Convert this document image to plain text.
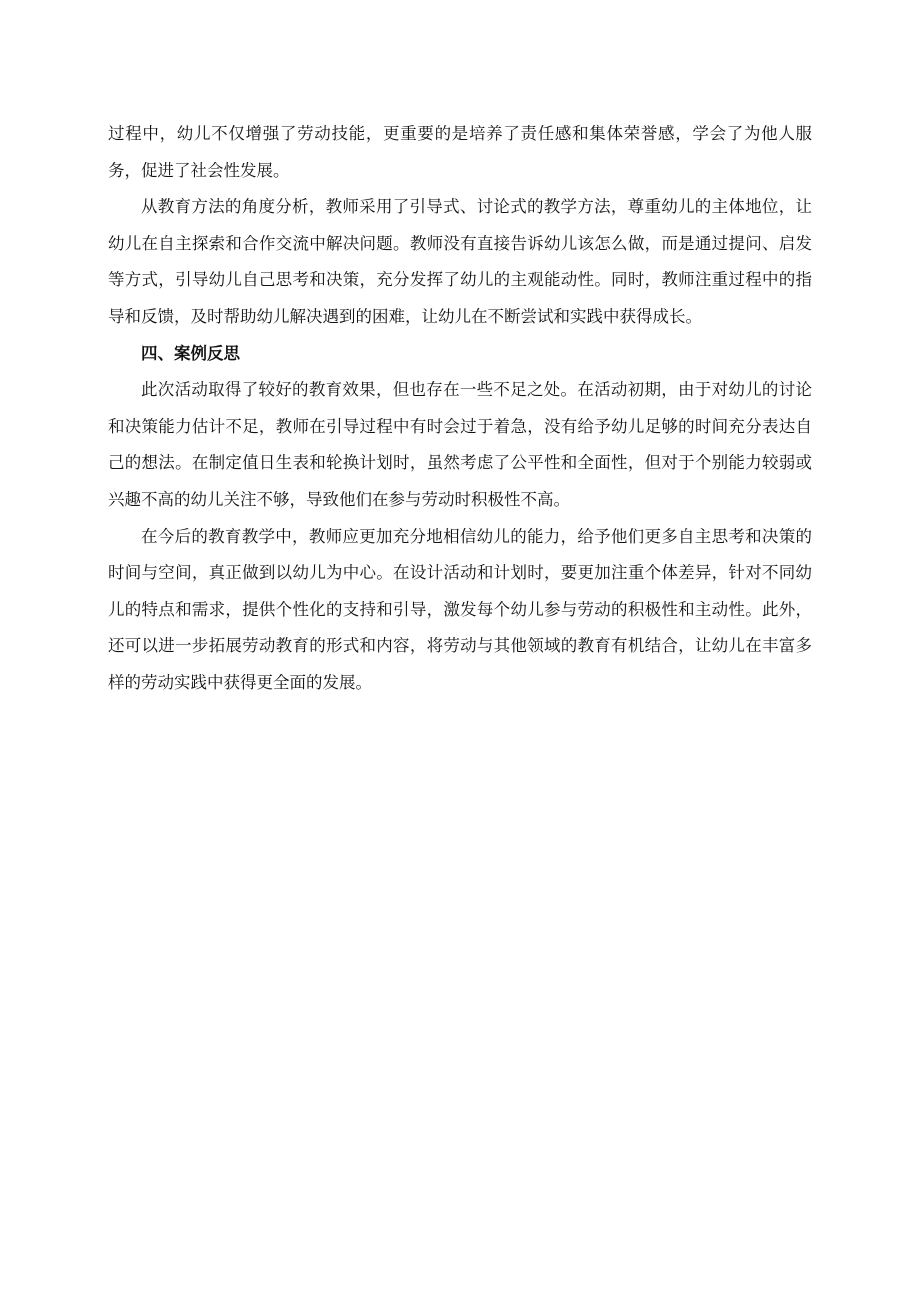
过程中，幼儿不仅增强了劳动技能，更重要的是培养了责任感和集体荣誉感，学会了为他人服务，促进了社会性发展。

从教育方法的角度分析，教师采用了引导式、讨论式的教学方法，尊重幼儿的主体地位，让幼儿在自主探索和合作交流中解决问题。教师没有直接告诉幼儿该怎么做，而是通过提问、启发等方式，引导幼儿自己思考和决策，充分发挥了幼儿的主观能动性。同时，教师注重过程中的指导和反馈，及时帮助幼儿解决遇到的困难，让幼儿在不断尝试和实践中获得成长。

四、案例反思

此次活动取得了较好的教育效果，但也存在一些不足之处。在活动初期，由于对幼儿的讨论和决策能力估计不足，教师在引导过程中有时会过于着急，没有给予幼儿足够的时间充分表达自己的想法。在制定值日生表和轮换计划时，虽然考虑了公平性和全面性，但对于个别能力较弱或兴趣不高的幼儿关注不够，导致他们在参与劳动时积极性不高。

在今后的教育教学中，教师应更加充分地相信幼儿的能力，给予他们更多自主思考和决策的时间与空间，真正做到以幼儿为中心。在设计活动和计划时，要更加注重个体差异，针对不同幼儿的特点和需求，提供个性化的支持和引导，激发每个幼儿参与劳动的积极性和主动性。此外，还可以进一步拓展劳动教育的形式和内容，将劳动与其他领域的教育有机结合，让幼儿在丰富多样的劳动实践中获得更全面的发展。
